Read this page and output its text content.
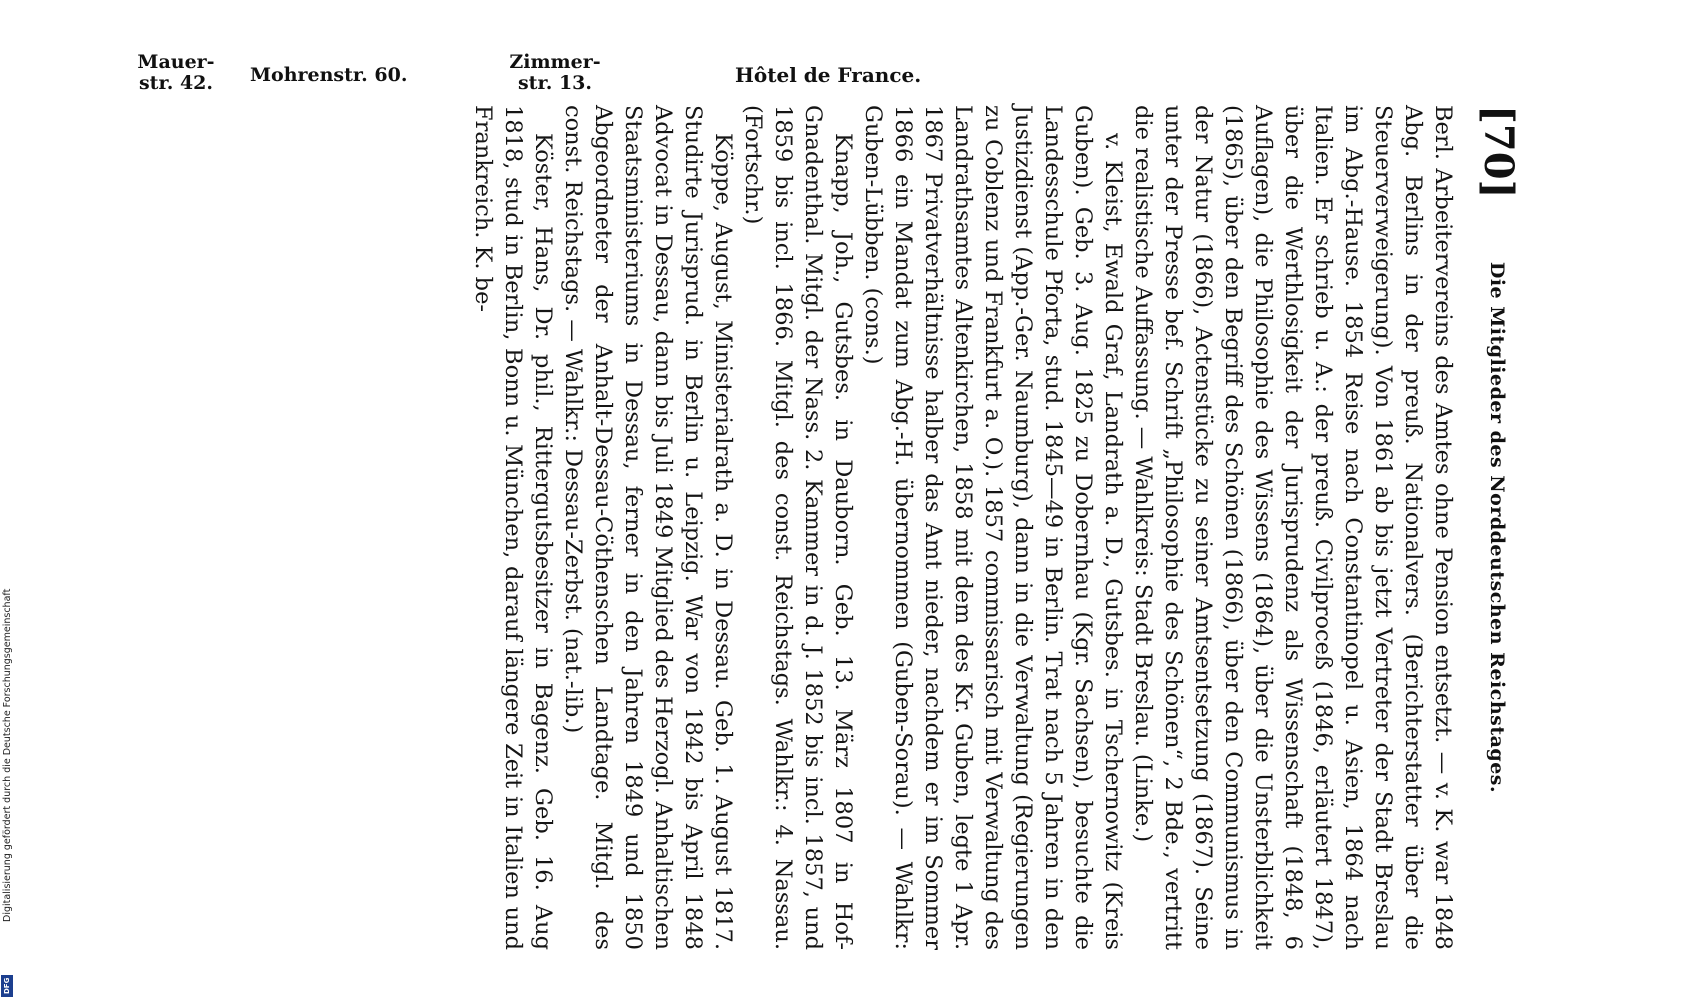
Mauer-
str. 42.	Mohrenstr. 60.
Zimmer-
str. 13.	Hôtel de France.
[70]
Die Mitglieder des Norddeutschen Reichstages.

Berl. Arbeitervereins des Amtes ohne Pension entsetzt. — v. K. war 1848 Abg. Berlins in der preuß. Nationalvers. (Berichterstatter über die Steuerverweigerung). Von 1861 ab bis jetzt Vertreter der Stadt Breslau im Abg.-Hause. 1854 Reise nach Constantinopel u. Asien, 1864 nach Italien. Er schrieb u. A.: der preuß. Civilproceß (1846, erläutert 1847), über die Werthlosigkeit der Jurisprudenz als Wissenschaft (1848, 6 Auflagen), die Philosophie des Wissens (1864), über die Unsterblichkeit (1865), über den Begriff des Schönen (1866), über den Communismus in der Natur (1866), Actenstücke zu seiner Amtsentsetzung (1867). Seine unter der Presse bef. Schrift „Philosophie des Schönen“, 2 Bde., vertritt die realistische Auffassung. — Wahlkreis: Stadt Breslau. (Linke.)

v. Kleist, Ewald Graf, Landrath a. D., Gutsbes. in Tschernowitz (Kreis Guben). Geb. 3. Aug. 1825 zu Dobernhau (Kgr. Sachsen), besuchte die Landesschule Pforta, stud. 1845—49 in Berlin. Trat nach 5 Jahren in den Justizdienst (App.-Ger. Naumburg), dann in die Verwaltung (Regierungen zu Coblenz und Frankfurt a. O.). 1857 commissarisch mit Verwaltung des Landrathsamtes Altenkirchen, 1858 mit dem des Kr. Guben, legte 1 Apr. 1867 Privatverhältnisse halber das Amt nieder, nachdem er im Sommer 1866 ein Mandat zum Abg.-H. übernommen (Guben-Sorau). — Wahlkr: Guben-Lübben. (cons.)

Knapp, Joh., Gutsbes. in Dauborn. Geb. 13. März 1807 in Hof-Gnadenthal. Mitgl. der Nass. 2. Kammer in d. J. 1852 bis incl. 1857, und 1859 bis incl. 1866. Mitgl. des const. Reichstags. Wahlkr.: 4. Nassau. (Fortschr.)

Köppe, August, Ministerialrath a. D. in Dessau. Geb. 1. August 1817. Studirte Jurisprud. in Berlin u. Leipzig. War von 1842 bis April 1848 Advocat in Dessau, dann bis Juli 1849 Mitglied des Herzogl. Anhaltischen Staatsministeriums in Dessau, ferner in den Jahren 1849 und 1850 Abgeordneter der Anhalt-Dessau-Cöthenschen Landtage. Mitgl. des const. Reichstags. — Wahlkr.: Dessau-Zerbst. (nat.-lib.)

Köster, Hans, Dr. phil., Rittergutsbesitzer in Bagenz. Geb. 16. Aug 1818, stud in Berlin, Bonn u. München, darauf längere Zeit in Italien und Frankreich. K. be-

Digitalisierung gefördert durch die Deutsche Forschungsgemeinschaft
DFG
